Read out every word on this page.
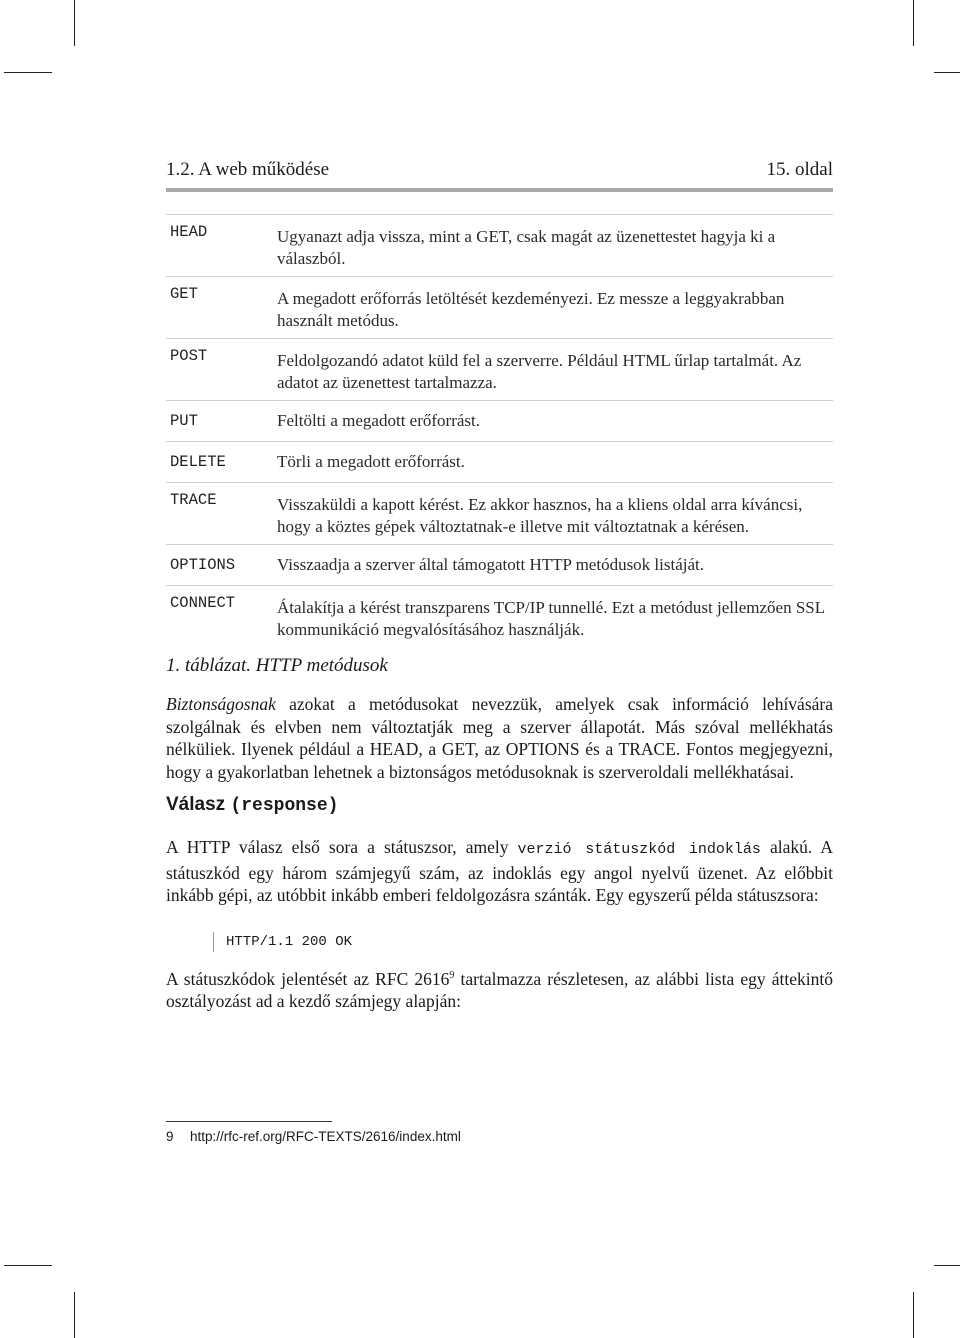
1.2. A web működése	15. oldal
HEAD	Ugyanazt adja vissza, mint a GET, csak magát az üzenettestet hagyja ki a válaszból.
GET	A megadott erőforrás letöltését kezdeményezi. Ez messze a leggyakrabban használt metódus.
POST	Feldolgozandó adatot küld fel a szerverre. Például HTML űrlap tartalmát. Az adatot az üzenettest tartalmazza.
PUT	Feltölti a megadott erőforrást.
DELETE	Törli a megadott erőforrást.
TRACE	Visszaküldi a kapott kérést. Ez akkor hasznos, ha a kliens oldal arra kíváncsi, hogy a köztes gépek változtatnak-e illetve mit változtatnak a kérésen.
OPTIONS	Visszaadja a szerver által támogatott HTTP metódusok listáját.
CONNECT	Átalakítja a kérést transzparens TCP/IP tunnellé. Ezt a metódust jellemzően SSL kommunikáció megvalósításához használják.
1. táblázat. HTTP metódusok
Biztonságosnak azokat a metódusokat nevezzük, amelyek csak információ lehívására szolgálnak és elvben nem változtatják meg a szerver állapotát. Más szóval mellékhatás nélküliek. Ilyenek például a HEAD, a GET, az OPTIONS és a TRACE. Fontos megjegyezni, hogy a gyakorlatban lehetnek a biztonságos metódusoknak is szerveroldali mellékhatásai.
Válasz (response)
A HTTP válasz első sora a státuszsor, amely verzió státuszkód indoklás alakú. A státuszkód egy három számjegyű szám, az indoklás egy angol nyelvű üzenet. Az előbbit inkább gépi, az utóbbit inkább emberi feldolgozásra szánták. Egy egyszerű példa státuszsora:
HTTP/1.1 200 OK
A státuszkódok jelentését az RFC 2616$^9$ tartalmazza részletesen, az alábbi lista egy áttekintő osztályozást ad a kezdő számjegy alapján:
9 http://rfc-ref.org/RFC-TEXTS/2616/index.html
